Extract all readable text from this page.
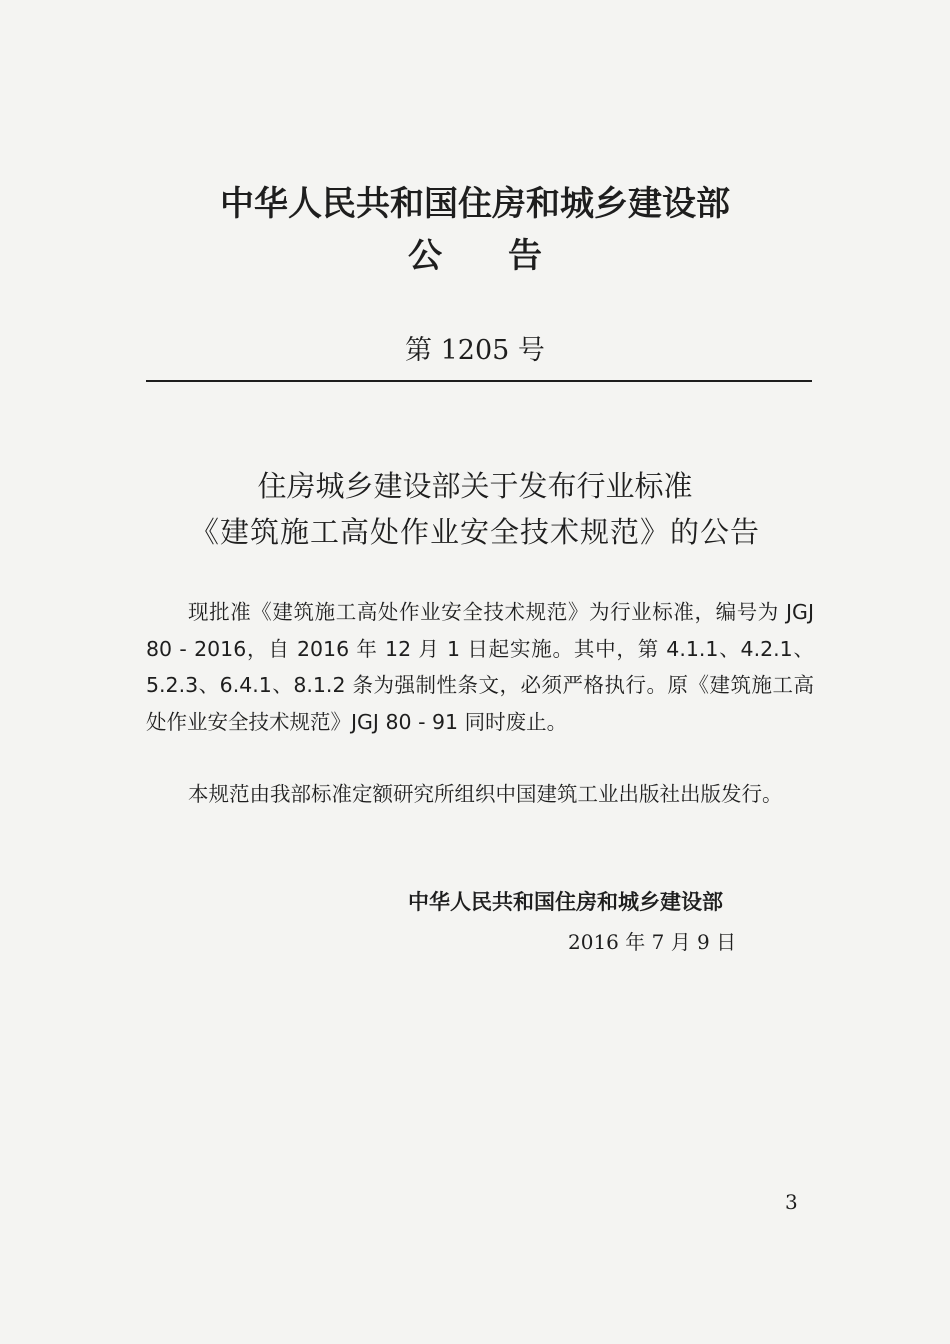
中华人民共和国住房和城乡建设部
公告
第 1205 号
住房城乡建设部关于发布行业标准
《建筑施工高处作业安全技术规范》的公告

现批准《建筑施工高处作业安全技术规范》为行业标准，编号为 JGJ 80 - 2016，自 2016 年 12 月 1 日起实施。其中，第 4.1.1、4.2.1、5.2.3、6.4.1、8.1.2 条为强制性条文，必须严格执行。原《建筑施工高处作业安全技术规范》JGJ 80 - 91 同时废止。

本规范由我部标准定额研究所组织中国建筑工业出版社出版发行。

中华人民共和国住房和城乡建设部
2016 年 7 月 9 日
3
